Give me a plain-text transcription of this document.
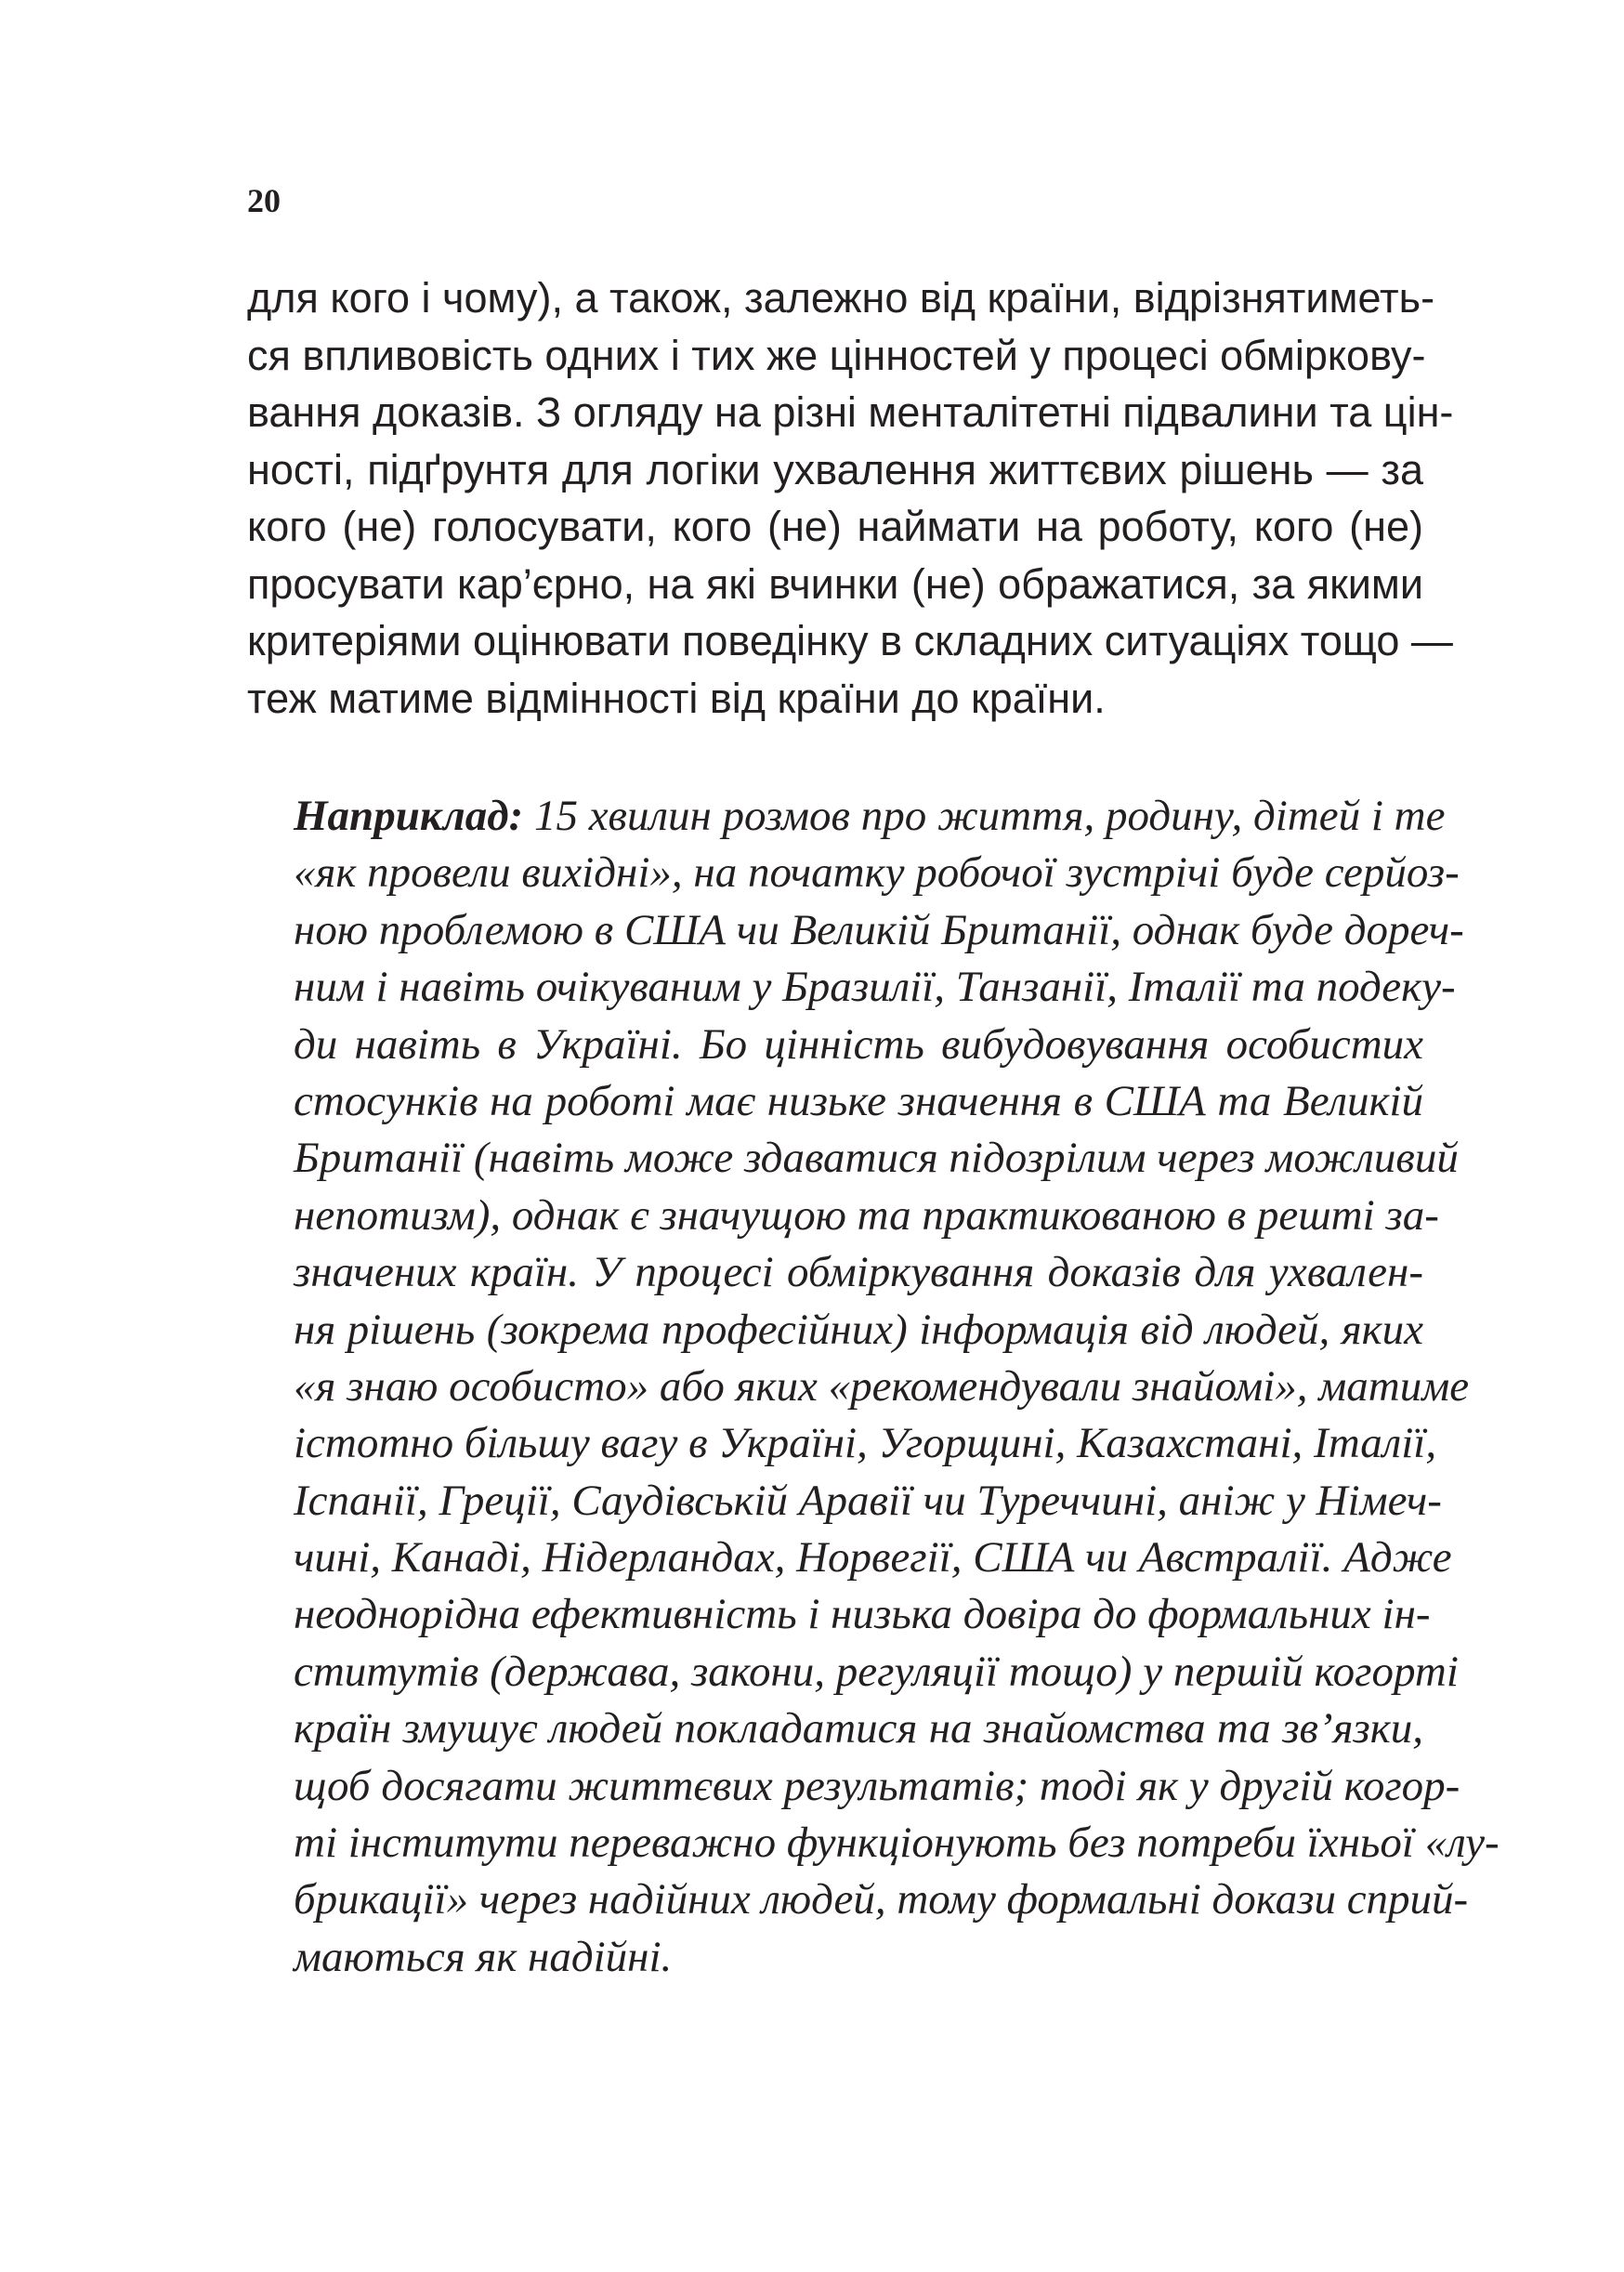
20
для кого і чому), а також, залежно від країни, відрізнятиметь-
ся впливовість одних і тих же цінностей у процесі обміркову-
вання доказів. З огляду на різні менталітетні підвалини та цін-
ності, підґрунтя для логіки ухвалення життєвих рішень — за
кого (не) голосувати, кого (не) наймати на роботу, кого (не)
просувати кар’єрно, на які вчинки (не) ображатися, за якими
критеріями оцінювати поведінку в складних ситуаціях тощо —
теж матиме відмінності від країни до країни.
Наприклад: 15 хвилин розмов про життя, родину, дітей і те
«як провели вихідні», на початку робочої зустрічі буде серйоз-
ною проблемою в США чи Великій Британії, однак буде дореч-
ним і навіть очікуваним у Бразилії, Танзанії, Італії та подеку-
ди навіть в Україні. Бо цінність вибудовування особистих
стосунків на роботі має низьке значення в США та Великій
Британії (навіть може здаватися підозрілим через можливий
непотизм), однак є значущою та практикованою в решті за-
значених країн. У процесі обміркування доказів для ухвален-
ня рішень (зокрема професійних) інформація від людей, яких
«я знаю особисто» або яких «рекомендували знайомі», матиме
істотно більшу вагу в Україні, Угорщині, Казахстані, Італії,
Іспанії, Греції, Саудівській Аравії чи Туреччині, аніж у Німеч-
чині, Канаді, Нідерландах, Норвегії, США чи Австралії. Адже
неоднорідна ефективність і низька довіра до формальних ін-
ститутів (держава, закони, регуляції тощо) у першій когорті
країн змушує людей покладатися на знайомства та зв’язки,
щоб досягати життєвих результатів; тоді як у другій когор-
ті інститути переважно функціонують без потреби їхньої «лу-
брикації» через надійних людей, тому формальні докази сприй-
маються як надійні.
